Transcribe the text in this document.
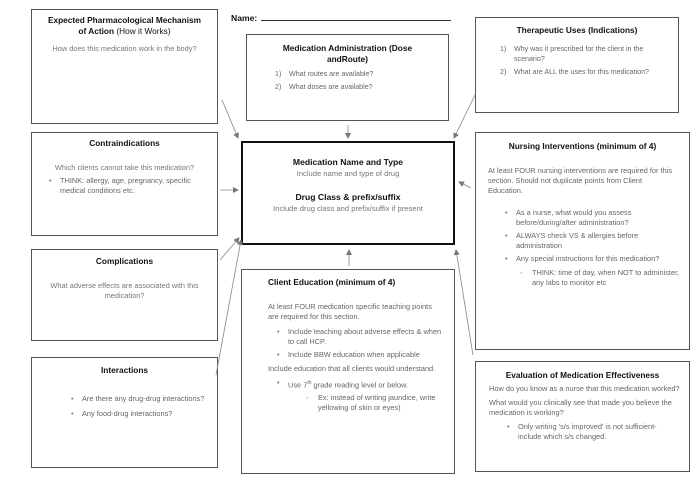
Name:
Expected Pharmacological Mechanism
of Action (How it Works)
How does this medication work in the body?	Medication Administration (Dose
andRoute)
1) What routes are available?
2) What doses are available?
Therapeutic Uses (Indications)
1) Why was it prescribed for the client in the scenario?
2) What are ALL the uses for this medication?
Contraindications
Which clients cannot take this medication?
• THINK: allergy, age, pregnancy, specific medical conditions etc.
Medication Name and Type
Include name and type of drug
Drug Class & prefix/suffix
Include drug class and prefix/suffix if present
Nursing Interventions (minimum of 4)
At least FOUR nursing interventions are required for this section. Should not duplicate points from Client Education.
• As a nurse, what would you assess before/during/after administration?
• ALWAYS check VS & allergies before administration
• Any special instructions for this medication?
◦ THINK: time of day, when NOT to administer, any labs to monitor etc
Complications
What adverse effects are associated with this medication?
Client Education (minimum of 4)
At least FOUR medication specific teaching points are required for this section.
• Include teaching about adverse effects & when to call HCP.
• Include BBW education when applicable
Include education that all clients would understand.
• Use 7th grade reading level or below.
◦ Ex: instead of writing jaundice, write yellowing of skin or eyes)
Interactions
• Are there any drug-drug interactions?
• Any food-drug interactions?
Evaluation of Medication Effectiveness
How do you know as a nurse that this medication worked?
What would you clinically see that made you believe the medication is working?
• Only writing 's/s improved' is not sufficient- include which s/s changed.
